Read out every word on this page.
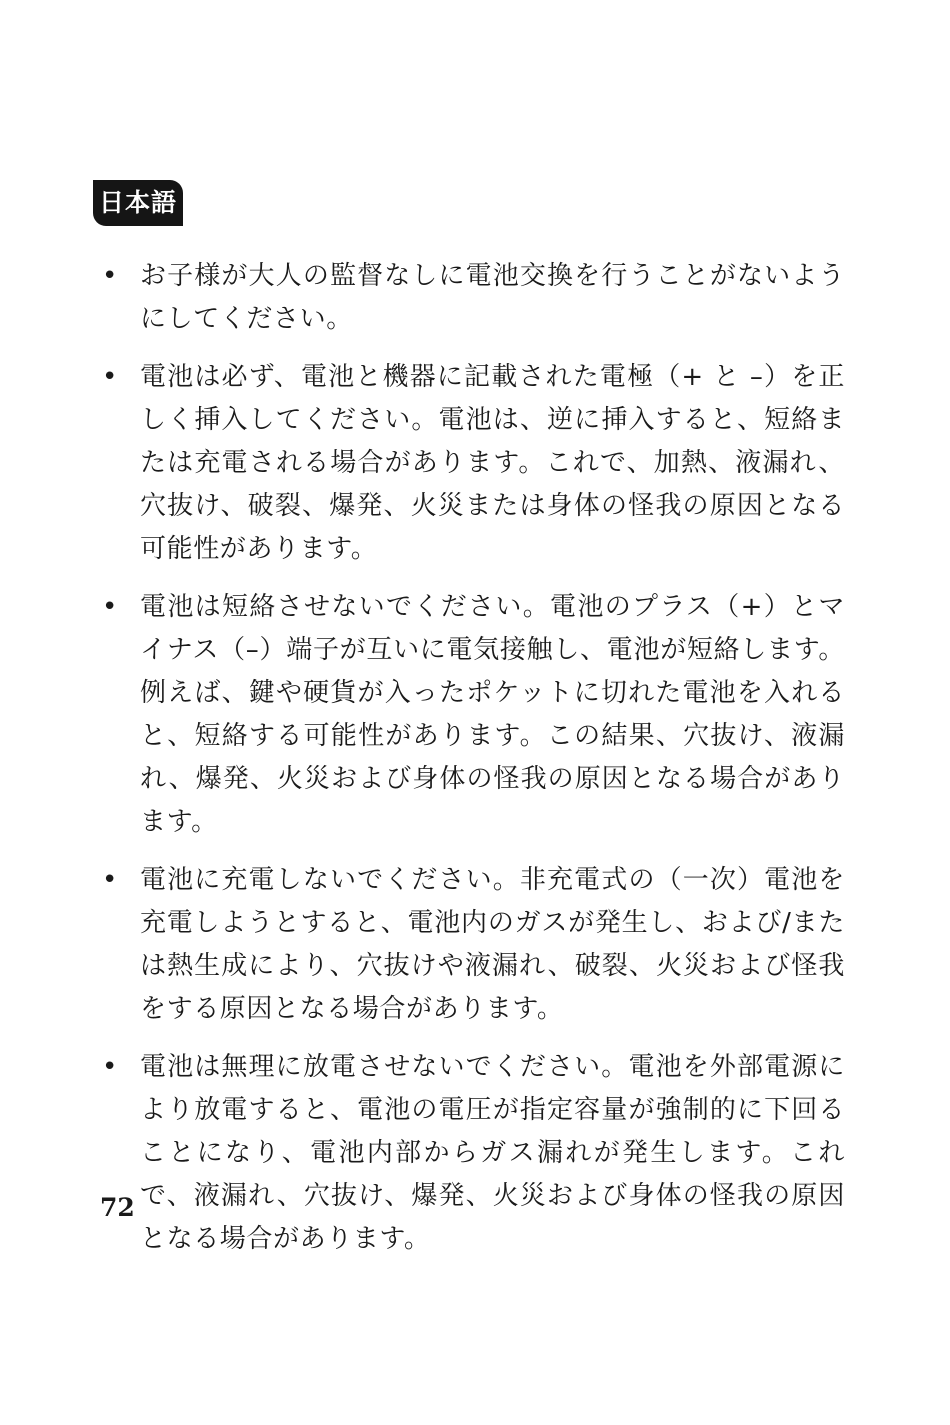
日本語
• お子様が大人の監督なしに電池交換を行うことがないようにしてください。
• 電池は必ず、電池と機器に記載された電極（+ と –）を正しく挿入してください。電池は、逆に挿入すると、短絡または充電される場合があります。これで、加熱、液漏れ、穴抜け、破裂、爆発、火災または身体の怪我の原因となる可能性があります。
• 電池は短絡させないでください。電池のプラス（+）とマイナス（–）端子が互いに電気接触し、電池が短絡します。例えば、鍵や硬貨が入ったポケットに切れた電池を入れると、短絡する可能性があります。この結果、穴抜け、液漏れ、爆発、火災および身体の怪我の原因となる場合があります。
• 電池に充電しないでください。非充電式の（一次）電池を充電しようとすると、電池内のガスが発生し、および/または熱生成により、穴抜けや液漏れ、破裂、火災および怪我をする原因となる場合があります。
• 電池は無理に放電させないでください。電池を外部電源により放電すると、電池の電圧が指定容量が強制的に下回ることになり、電池内部からガス漏れが発生します。これで、液漏れ、穴抜け、爆発、火災および身体の怪我の原因となる場合があります。
72
